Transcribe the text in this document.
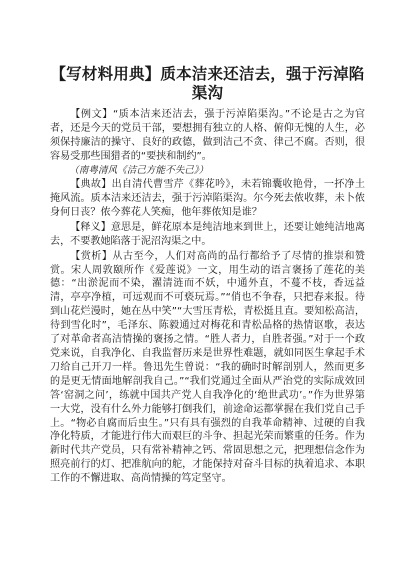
【写材料用典】质本洁来还洁去，强于污淖陷
渠沟

【例文】“质本洁来还洁去，强于污淖陷渠沟。”不论是古之为官者，还是今天的党员干部，要想拥有独立的人格、俯仰无愧的人生，必须保持廉洁的操守、良好的政德，做到洁己不贪、律己不腐。否则，很容易受那些围猎者的“要挟和制约”。

（南粤清风《洁己方能不失己》）

【典故】出自清代曹雪芹《葬花吟》，未若锦囊收艳骨，一抔净土掩风流。质本洁来还洁去，强于污淖陷渠沟。尔今死去侬收葬，未卜侬身何日丧？侬今葬花人笑痴，他年葬侬知是谁？

【释义】意思是，鲜花原本是纯洁地来到世上，还要让她纯洁地离去，不要教她陷落于泥沼沟渠之中。

【赏析】从古至今，人们对高尚的品行都给予了尽情的推崇和赞赏。宋人周敦颐所作《爱莲说》一文，用生动的语言褒扬了莲花的美德：“出淤泥而不染，濯清涟而不妖，中通外直，不蔓不枝，香远益清，亭亭净植，可远观而不可亵玩焉。”“俏也不争春，只把春来报。待到山花烂漫时，她在丛中笑”“大雪压青松，青松挺且直。要知松高洁，待到雪化时”，毛泽东、陈毅通过对梅花和青松品格的热情讴歌，表达了对革命者高洁情操的褒扬之情。“胜人者力，自胜者强。”对于一个政党来说，自我净化、自我监督历来是世界性难题，就如同医生拿起手术刀给自己开刀一样。鲁迅先生曾说：“我的确时时解剖别人，然而更多的是更无情面地解剖我自己。”“我们党通过全面从严治党的实际成效回答‘窑洞之问’，练就中国共产党人自我净化的‘绝世武功’。”作为世界第一大党，没有什么外力能够打倒我们，前途命运都掌握在我们党自己手上。“物必自腐而后虫生。”只有具有强烈的自我革命精神、过硬的自我净化特质，才能进行伟大而艰巨的斗争、担起光荣而繁重的任务。作为新时代共产党员，只有常补精神之钙、常固思想之元，把理想信念作为照亮前行的灯、把准航向的舵，才能保持对奋斗目标的执着追求、本职工作的不懈进取、高尚情操的笃定坚守。
